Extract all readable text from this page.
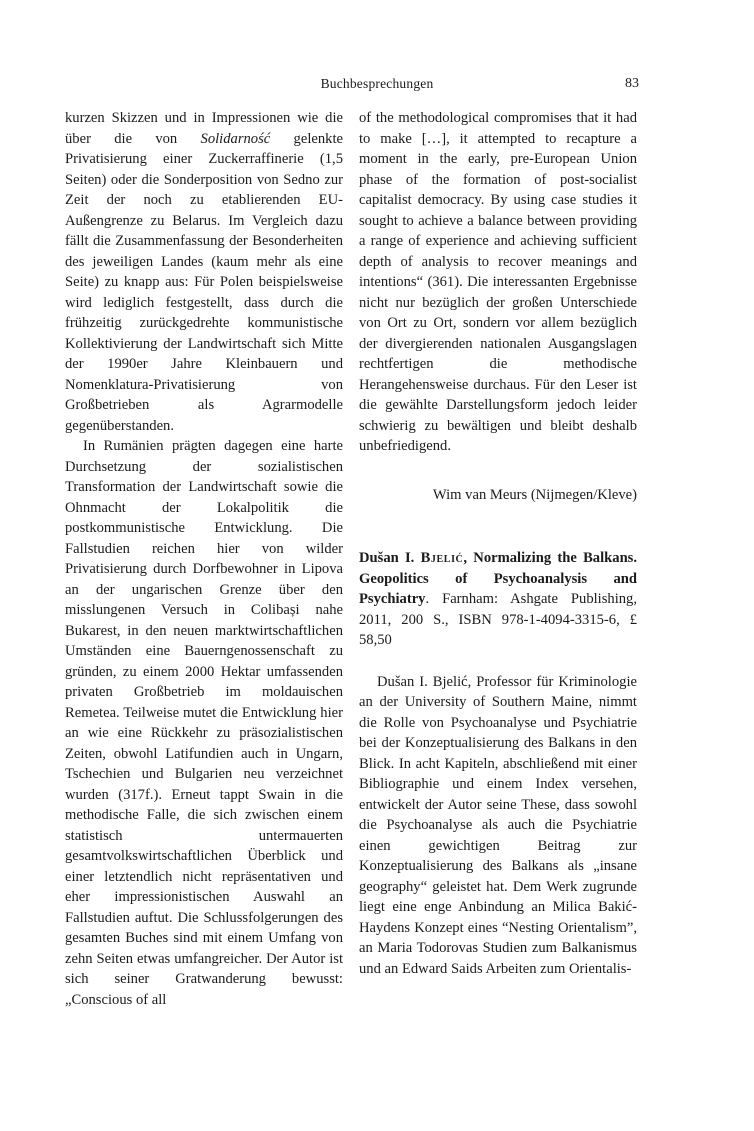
Buchbesprechungen	83

kurzen Skizzen und in Impressionen wie die über die von Solidarność gelenkte Privatisierung einer Zuckerraffinerie (1,5 Seiten) oder die Sonderposition von Sedno zur Zeit der noch zu etablierenden EU-Außengrenze zu Belarus. Im Vergleich dazu fällt die Zusammenfassung der Besonderheiten des jeweiligen Landes (kaum mehr als eine Seite) zu knapp aus: Für Polen beispielsweise wird lediglich festgestellt, dass durch die frühzeitig zurückgedrehte kommunistische Kollektivierung der Landwirtschaft sich Mitte der 1990er Jahre Kleinbauern und Nomenklatura-Privatisierung von Großbetrieben als Agrarmodelle gegenüberstanden.

In Rumänien prägten dagegen eine harte Durchsetzung der sozialistischen Transformation der Landwirtschaft sowie die Ohnmacht der Lokalpolitik die postkommunistische Entwicklung. Die Fallstudien reichen hier von wilder Privatisierung durch Dorfbewohner in Lipova an der ungarischen Grenze über den misslungenen Versuch in Colibași nahe Bukarest, in den neuen marktwirtschaftlichen Umständen eine Bauerngenossenschaft zu gründen, zu einem 2000 Hektar umfassenden privaten Großbetrieb im moldauischen Remetea. Teilweise mutet die Entwicklung hier an wie eine Rückkehr zu präsozialistischen Zeiten, obwohl Latifundien auch in Ungarn, Tschechien und Bulgarien neu verzeichnet wurden (317f.). Erneut tappt Swain in die methodische Falle, die sich zwischen einem statistisch untermauerten gesamtvolkswirtschaftlichen Überblick und einer letztendlich nicht repräsentativen und eher impressionistischen Auswahl an Fallstudien auftut. Die Schlussfolgerungen des gesamten Buches sind mit einem Umfang von zehn Seiten etwas umfangreicher. Der Autor ist sich seiner Gratwanderung bewusst: „Conscious of all

of the methodological compromises that it had to make […], it attempted to recapture a moment in the early, pre-European Union phase of the formation of post-socialist capitalist democracy. By using case studies it sought to achieve a balance between providing a range of experience and achieving sufficient depth of analysis to recover meanings and intentions“ (361). Die interessanten Ergebnisse nicht nur bezüglich der großen Unterschiede von Ort zu Ort, sondern vor allem bezüglich der divergierenden nationalen Ausgangslagen rechtfertigen die methodische Herangehensweise durchaus. Für den Leser ist die gewählte Darstellungsform jedoch leider schwierig zu bewältigen und bleibt deshalb unbefriedigend.

Wim van Meurs (Nijmegen/Kleve)

Dušan I. Bjelić, Normalizing the Balkans. Geopolitics of Psychoanalysis and Psychiatry. Farnham: Ashgate Publishing, 2011, 200 S., ISBN 978-1-4094-3315-6, £ 58,50

Dušan I. Bjelić, Professor für Kriminologie an der University of Southern Maine, nimmt die Rolle von Psychoanalyse und Psychiatrie bei der Konzeptualisierung des Balkans in den Blick. In acht Kapiteln, abschließend mit einer Bibliographie und einem Index versehen, entwickelt der Autor seine These, dass sowohl die Psychoanalyse als auch die Psychiatrie einen gewichtigen Beitrag zur Konzeptualisierung des Balkans als „insane geography“ geleistet hat. Dem Werk zugrunde liegt eine enge Anbindung an Milica Bakić-Haydens Konzept eines “Nesting Orientalism”, an Maria Todorovas Studien zum Balkanismus und an Edward Saids Arbeiten zum Orientalis-
